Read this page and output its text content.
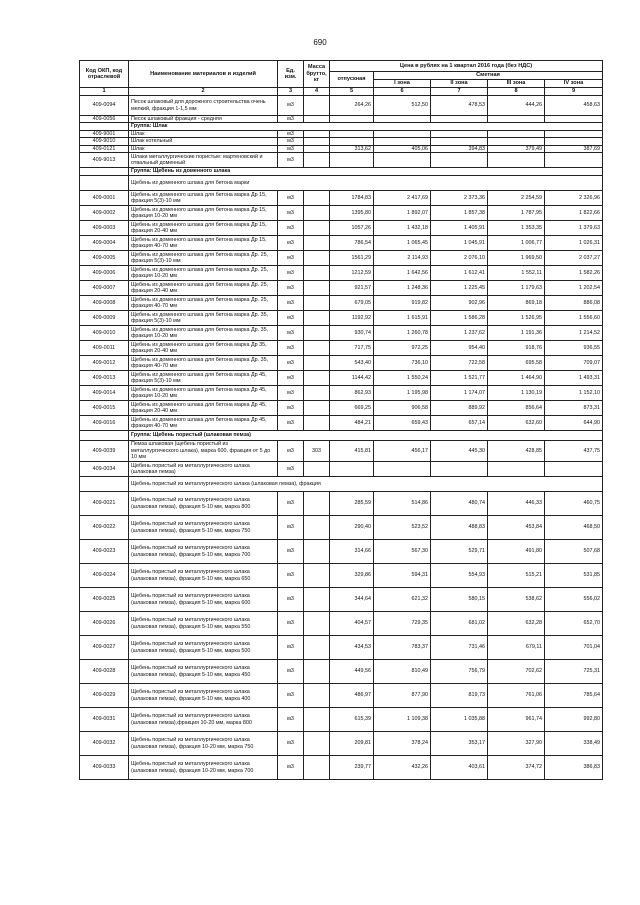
690
Код ОКП, код отраслевой	Наименование материалов и изделий	Ед. изм.	Масса брутто, кг	Цена в рублях на 1 квартал 2016 года (без НДС)				
				отпускная	Сметная			
					I зона	II зона	III зона	IV зона
1	2	3	4	5	6	7	8	9
409-0094	Песок шлаковый для дорожного строительства очень мелкий, фракция 1-1,5 мм	м3		264,26	512,50	478,53	444,26	458,63
409-0056	Песок шлаковый фракция - средняя	м3						
	Группа: Шлак							
409-9001	Шлак	м3						
409-9010	Шлак котельный	м3						
409-0121	Шлак	м3		313,62	405,06	394,83	379,49	387,69
409-9013	Шлаки металлургические пористые: мартеновский и отвальный доменный	м3						
	Группа: Щебень из доменного шлака							
	Щебень из доменного шлака для бетона марки							
409-0001	Щебень из доменного шлака для бетона марка Др 15, фракция 5(3)-10 мм	м3		1784,83	2 417,69	2 373,36	2 254,59	2 326,96
409-0002	Щебень из доменного шлака для бетона марка Др 15, фракция 10-20 мм	м3		1395,80	1 892,07	1 857,38	1 787,95	1 822,66
409-0003	Щебень из доменного шлака для бетона марка Др 15, фракция 20-40 мм	м3		1057,26	1 432,18	1 405,91	1 353,35	1 379,63
409-0004	Щебень из доменного шлака для бетона марка Др 15, фракция 40-70 мм	м3		786,54	1 065,45	1 045,91	1 006,77	1 026,31
409-0005	Щебень из доменного шлака для бетона марка Др. 25, фракция 5(3)-10 мм	м3		1561,29	2 114,93	2 076,10	1 969,50	2 037,27
409-0006	Щебень из доменного шлака для бетона марка Др. 25, фракция 10-20 мм	м3		1212,59	1 642,56	1 612,41	1 552,11	1 582,26
409-0007	Щебень из доменного шлака для бетона марка Др. 25, фракция 20-40 мм	м3		921,57	1 248,36	1 225,45	1 179,63	1 202,54
409-0008	Щебень из доменного шлака для бетона марка Др. 25, фракция 40-70 мм	м3		679,05	919,82	902,96	869,18	886,08
409-0009	Щебень из доменного шлака для бетона марка Др. 35, фракция 5(3)-10 мм	м3		1192,92	1 615,91	1 586,28	1 526,95	1 556,60
409-0010	Щебень из доменного шлака для бетона марка Др. 35, фракция 10-20 мм	м3		930,74	1 260,78	1 237,62	1 191,36	1 214,52
409-0011	Щебень из доменного шлака для бетона марка Др 35, фракция 20-40 мм	м3		717,75	972,25	954,40	918,76	936,55
409-0012	Щебень из доменного шлака для бетона марка Др. 35, фракция 40-70 мм	м3		543,40	736,10	722,58	695,58	709,07
409-0013	Щебень из доменного шлака для бетона марка Др 45, фракция 5(3)-10 мм	м3		1144,42	1 550,24	1 521,77	1 464,90	1 493,31
409-0014	Щебень из доменного шлака для бетона марка Др 45, фракция 10-20 мм	м3		862,93	1 195,98	1 174,07	1 130,19	1 152,10
409-0015	Щебень из доменного шлака для бетона марка Др 45, фракция 20-40 мм	м3		669,25	906,58	889,92	856,64	873,31
409-0016	Щебень из доменного шлака для бетона марка Др 45, фракция 40-70 мм	м3		484,21	659,43	657,14	632,60	644,90
	Группа: Щебень пористый (шлаковая пемза)							
409-0039	Пемза шлаковая (щебень пористый из металлургического шлака), марка 600, фракция от 5 до 10 мм	м3	303	415,81	456,17	445,30	428,85	437,75
409-0034	Щебень пористый из металлургического шлака (шлаковая пемза)	м3						
	Щебень пористый из металлургического шлака (шлаковая пемза), фракция							
409-0021	Щебень пористый из металлургического шлака (шлаковая пемза), фракция 5-10 мм, марка 800	м3		285,59	514,86	480,74	446,33	460,75
409-0022	Щебень пористый из металлургического шлака (шлаковая пемза), фракция 5-10 мм, марка 750	м3		290,40	523,52	488,83	453,84	468,50
409-0023	Щебень пористый из металлургического шлака (шлаковая пемза), фракция 5-10 мм, марка 700	м3		314,66	567,30	529,71	491,80	507,68
409-0024	Щебень пористый из металлургического шлака (шлаковая пемза), фракция 5-10 мм, марка 650	м3		329,86	594,31	554,93	515,21	531,85
409-0025	Щебень пористый из металлургического шлака (шлаковая пемза), фракция 5-10 мм, марка 600	м3		344,64	621,32	580,15	538,62	556,02
409-0026	Щебень пористый из металлургического шлака (шлаковая пемза), фракция 5-10 мм, марка 550	м3		404,57	729,35	681,02	632,28	652,70
409-0027	Щебень пористый из металлургического шлака (шлаковая пемза), фракция 5-10 мм, марка 500	м3		434,53	783,37	731,46	679,11	701,04
409-0028	Щебень пористый из металлургического шлака (шлаковая пемза), фракция 5-10 мм, марка 450	м3		449,56	810,49	756,79	702,62	725,31
409-0029	Щебень пористый из металлургического шлака (шлаковая пемза), фракция 5-10 мм, марка 400	м3		486,97	877,90	819,73	761,06	785,64
409-0031	Щебень пористый из металлургического шлака (шлаковая пемза),фракция 10-20 мм, марка 800	м3		615,39	1 109,38	1 035,88	961,74	992,80
409-0032	Щебень пористый из металлургического шлака (шлаковая пемза), фракция 10-20 мм, марка 750	м3		209,81	378,24	353,17	327,90	338,49
409-0033	Щебень пористый из металлургического шлака (шлаковая пемза), фракция 10-20 мм, марка 700	м3		239,77	432,26	403,61	374,72	386,83
